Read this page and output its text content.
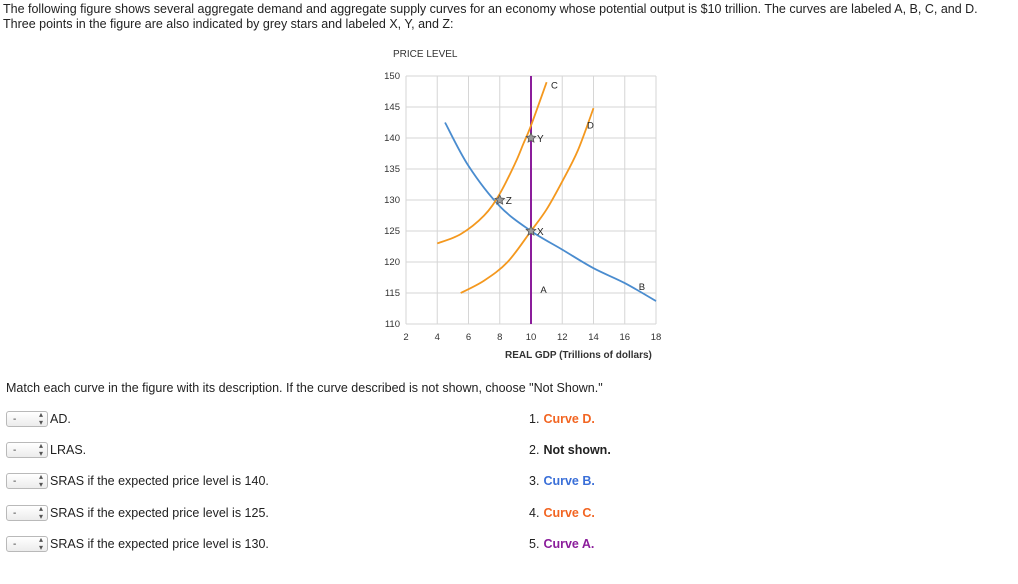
The following figure shows several aggregate demand and aggregate supply curves for an economy whose potential output is $10 trillion. The curves are labeled A, B, C, and D.
Three points in the figure are also indicated by grey stars and labeled X, Y, and Z:
2	4	6	8 10 12 14 16 18
110
115
120
125
130
135
140
145
150
PRICE LEVEL
REAL GDP (Trillions of dollars)
C
D
A	B
Y
Z
X
Match each curve in the figure with its description. If the curve described is not shown, choose "Not Shown."
-	▴︎
▾︎ AD.
-	▴︎
▾︎ LRAS.
-	▴︎
▾︎ SRAS if the expected price level is 140.
-	▴︎
▾︎ SRAS if the expected price level is 125.
-	▴︎
▾︎ SRAS if the expected price level is 130.
1. Curve D.
2. Not shown.
3. Curve B.
4. Curve C.
5. Curve A.
